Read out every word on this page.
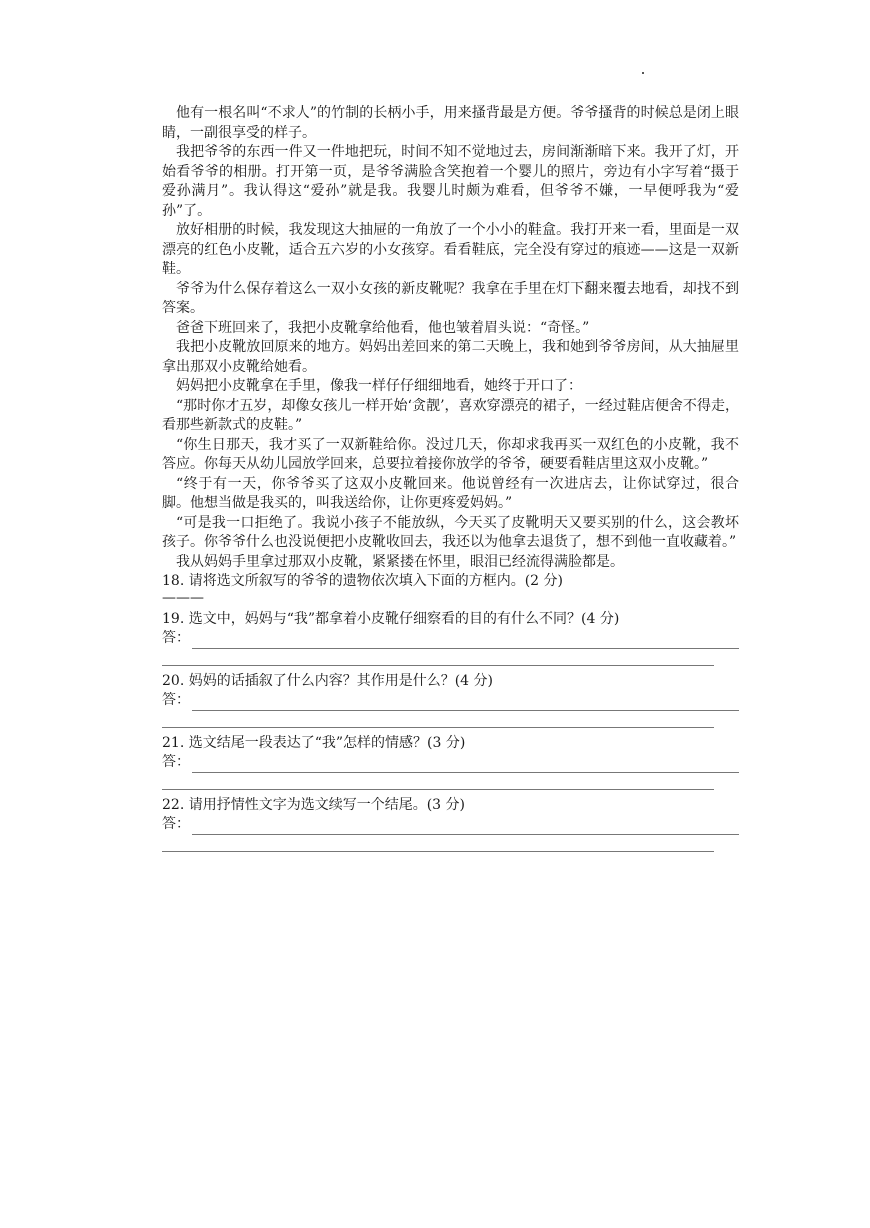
他有一根名叫“不求人”的竹制的长柄小手，用来搔背最是方便。爷爷搔背的时候总是闭上眼睛，一副很享受的样子。

我把爷爷的东西一件又一件地把玩，时间不知不觉地过去，房间渐渐暗下来。我开了灯，开始看爷爷的相册。打开第一页，是爷爷满脸含笑抱着一个婴儿的照片，旁边有小字写着“摄于爱孙满月”。我认得这“爱孙”就是我。我婴儿时颇为难看，但爷爷不嫌，一早便呼我为“爱孙”了。

放好相册的时候，我发现这大抽屉的一角放了一个小小的鞋盒。我打开来一看，里面是一双漂亮的红色小皮靴，适合五六岁的小女孩穿。看看鞋底，完全没有穿过的痕迹——这是一双新鞋。

爷爷为什么保存着这么一双小女孩的新皮靴呢？我拿在手里在灯下翻来覆去地看，却找不到答案。

爸爸下班回来了，我把小皮靴拿给他看，他也皱着眉头说：“奇怪。”

我把小皮靴放回原来的地方。妈妈出差回来的第二天晚上，我和她到爷爷房间，从大抽屉里拿出那双小皮靴给她看。

妈妈把小皮靴拿在手里，像我一样仔仔细细地看，她终于开口了：

“那时你才五岁，却像女孩儿一样开始‘贪靓’，喜欢穿漂亮的裙子，一经过鞋店便舍不得走，看那些新款式的皮鞋。”

“你生日那天，我才买了一双新鞋给你。没过几天，你却求我再买一双红色的小皮靴，我不答应。你每天从幼儿园放学回来，总要拉着接你放学的爷爷，硬要看鞋店里这双小皮靴。”

“终于有一天，你爷爷买了这双小皮靴回来。他说曾经有一次进店去，让你试穿过，很合脚。他想当做是我买的，叫我送给你，让你更疼爱妈妈。”

“可是我一口拒绝了。我说小孩子不能放纵，今天买了皮靴明天又要买别的什么，这会教坏孩子。你爷爷什么也没说便把小皮靴收回去，我还以为他拿去退货了，想不到他一直收藏着。”

我从妈妈手里拿过那双小皮靴，紧紧搂在怀里，眼泪已经流得满脸都是。

18. 请将选文所叙写的爷爷的遗物依次填入下面的方框内。(2 分)

———

19. 选文中，妈妈与“我”都拿着小皮靴仔细察看的目的有什么不同？(4 分)

答：

20. 妈妈的话插叙了什么内容？其作用是什么？(4 分)

答：

21. 选文结尾一段表达了“我”怎样的情感？(3 分)

答：

22. 请用抒情性文字为选文续写一个结尾。(3 分)

答：
